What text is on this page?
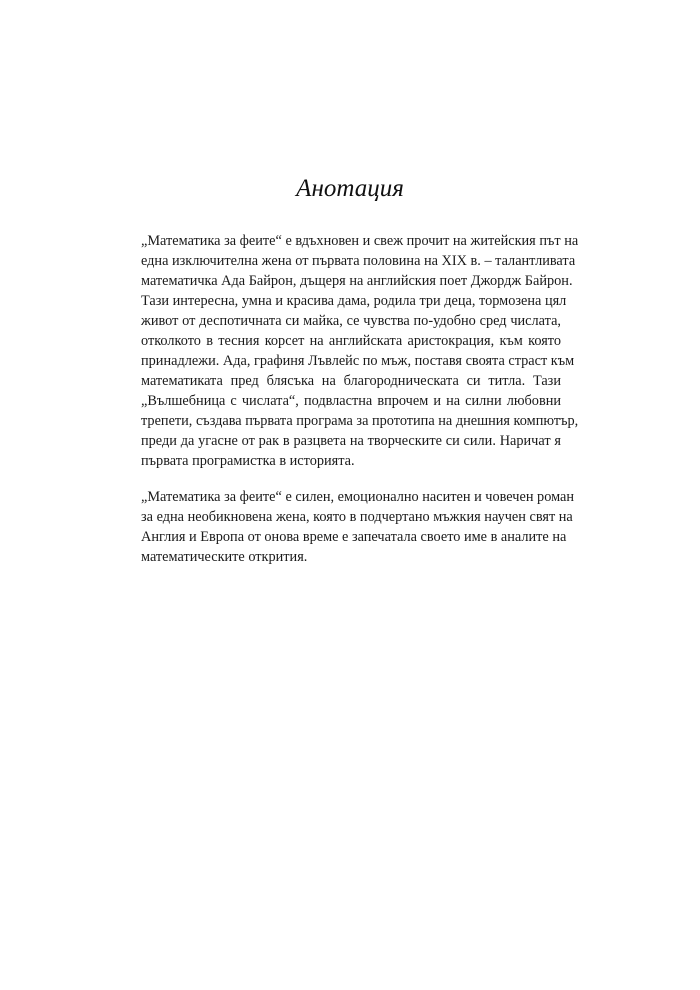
Анотация

„Математика за феите“ е вдъхновен и свеж прочит на житейския път на
една изключителна жена от първата половина на XIX в. – талантливата
математичка Ада Байрон, дъщеря на английския поет Джордж Байрон.
Тази интересна, умна и красива дама, родила три деца, тормозена цял
живот от деспотичната си майка, се чувства по-удобно сред числата,
отколкото в тесния корсет на английската аристокрация, към която
принадлежи. Ада, графиня Лъвлейс по мъж, поставя своята страст към
математиката пред блясъка на благородническата си титла. Тази
„Вълшебница с числата“, подвластна впрочем и на силни любовни
трепети, създава първата програма за прототипа на днешния компютър,
преди да угасне от рак в разцвета на творческите си сили. Наричат я
първата програмистка в историята.

„Математика за феите“ е силен, емоционално наситен и човечен роман
за една необикновена жена, която в подчертано мъжкия научен свят на
Англия и Европа от онова време е запечатала своето име в аналите на
математическите открития.
